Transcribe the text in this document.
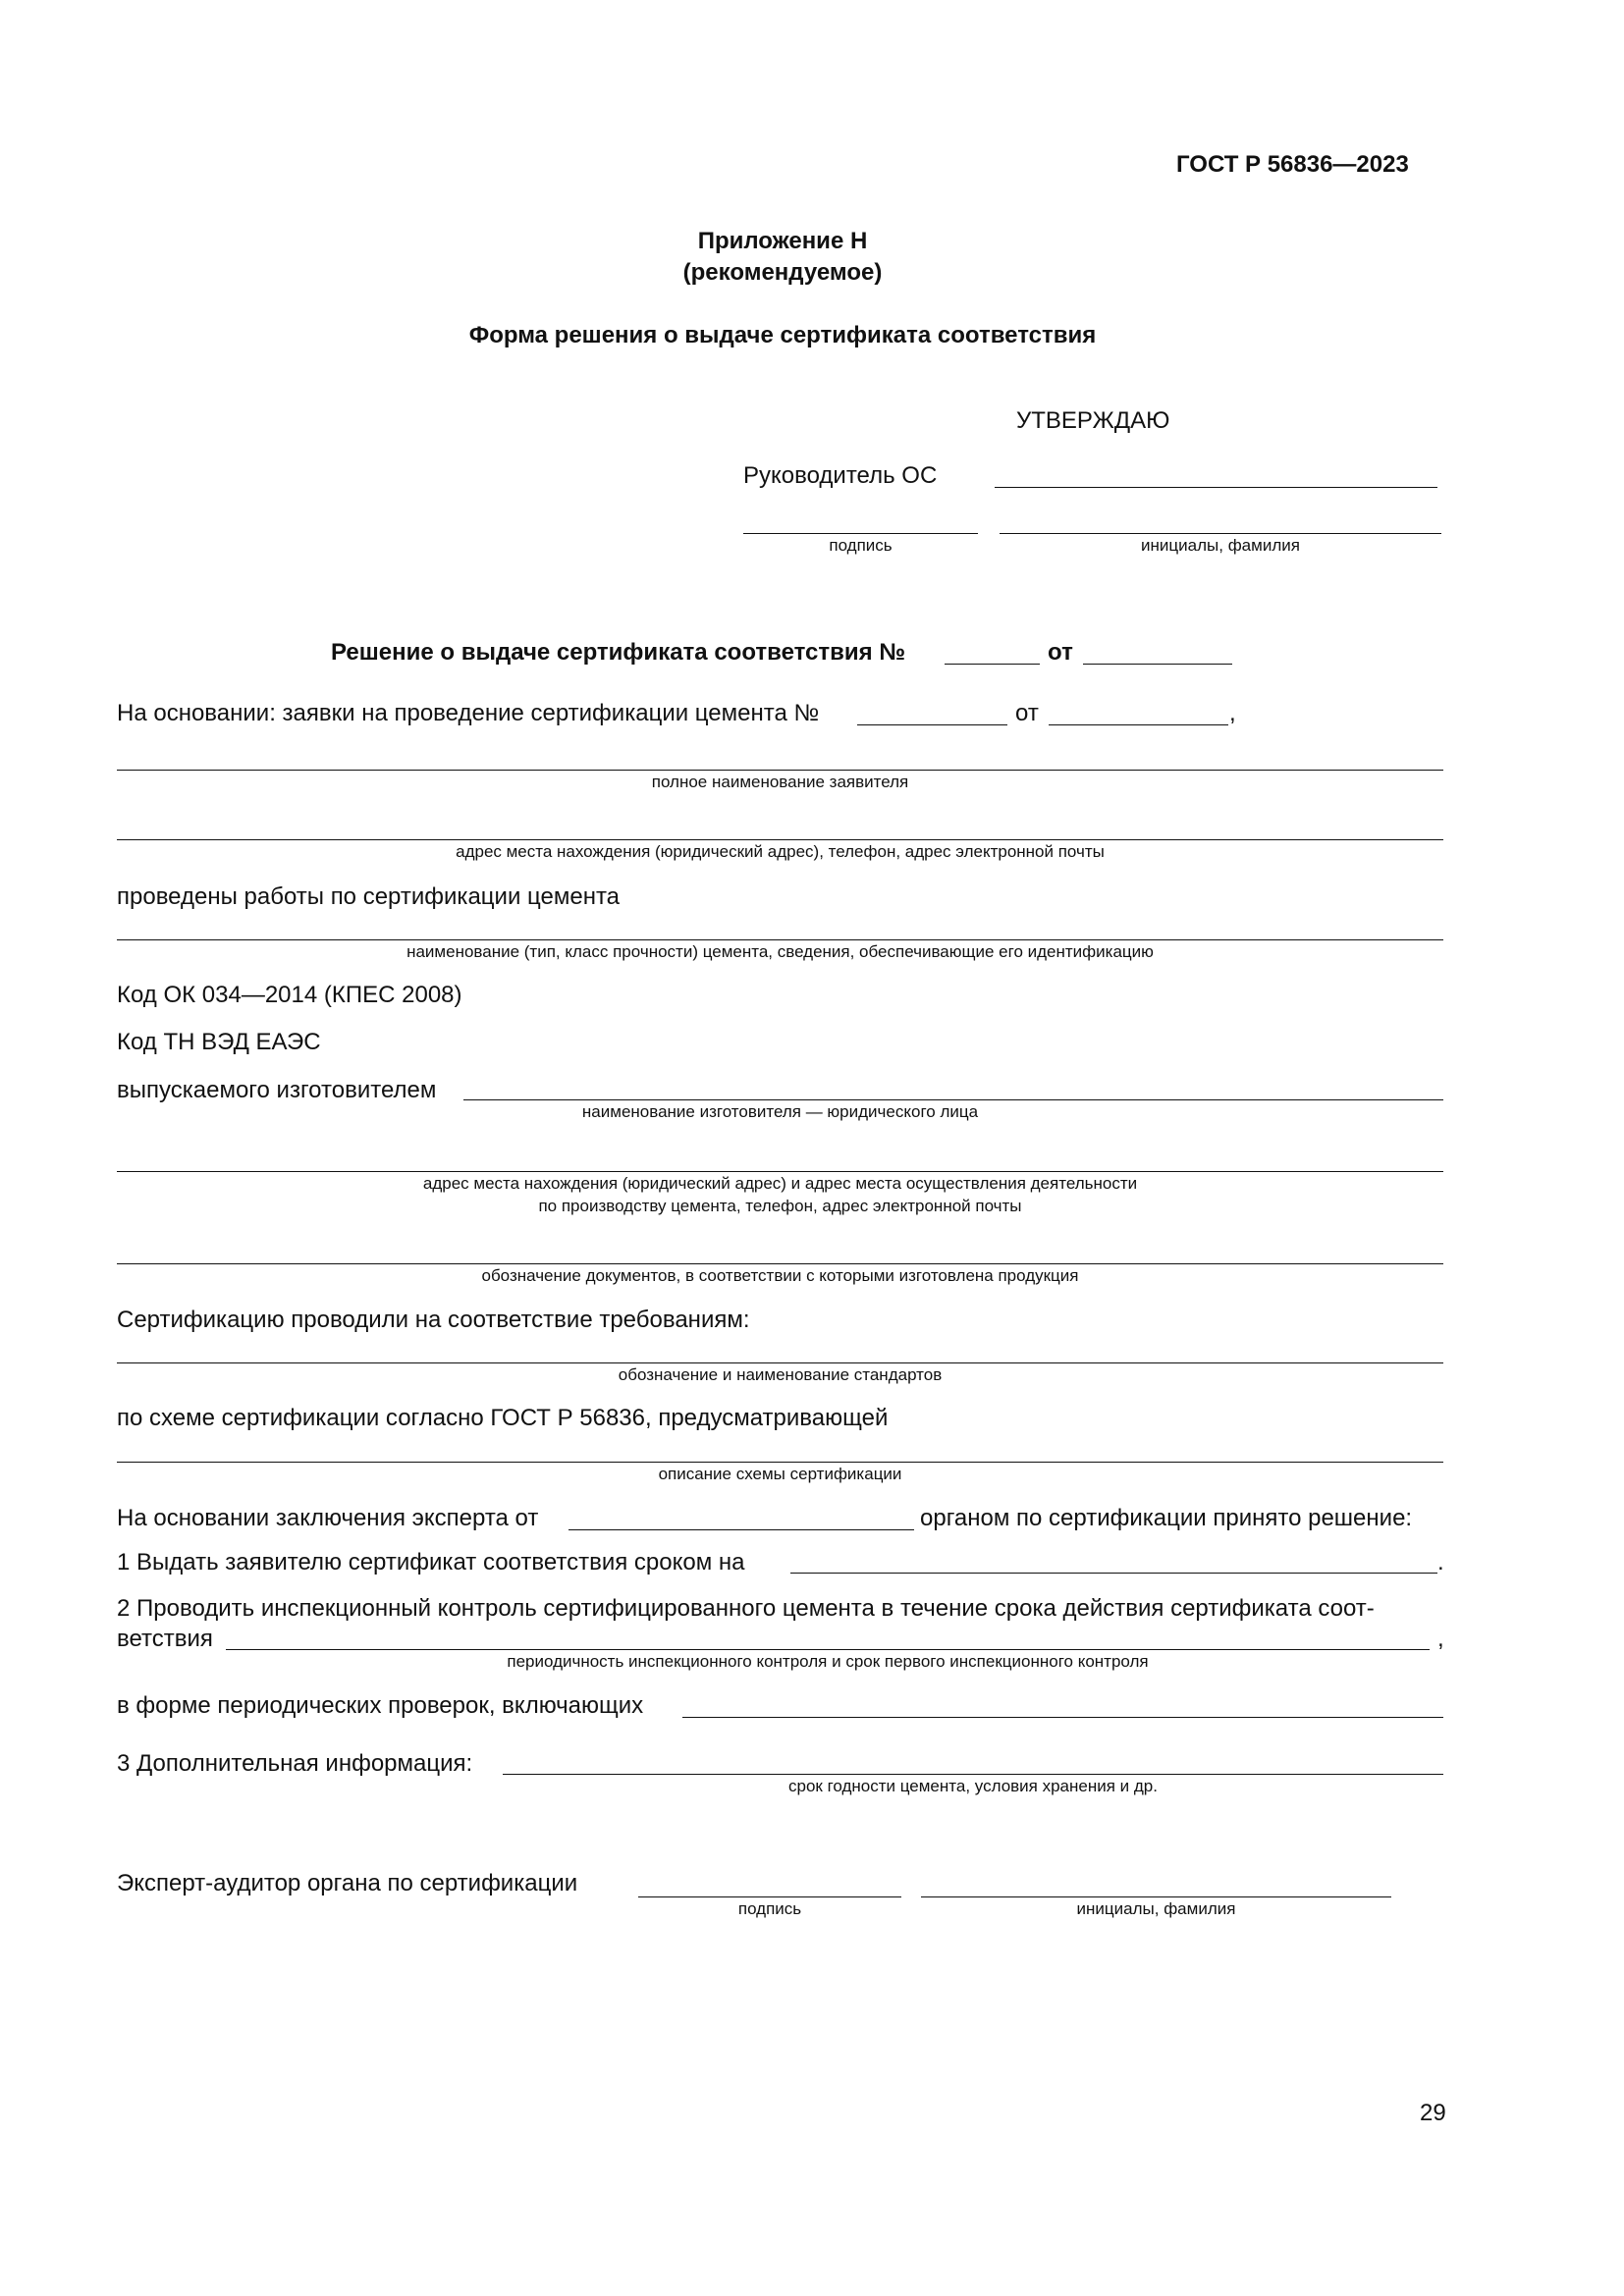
ГОСТ Р 56836—2023
Приложение Н
(рекомендуемое)
Форма решения о выдаче сертификата соответствия
УТВЕРЖДАЮ
Руководитель ОС
подпись	инициалы, фамилия
Решение о выдаче сертификата соответствия №	от
На основании: заявки на проведение сертификации цемента №	от	,
полное наименование заявителя
адрес места нахождения (юридический адрес), телефон, адрес электронной почты
проведены работы по сертификации цемента
наименование (тип, класс прочности) цемента, сведения, обеспечивающие его идентификацию
Код ОК 034—2014 (КПЕС 2008)
Код ТН ВЭД ЕАЭС
выпускаемого изготовителем
наименование изготовителя — юридического лица
адрес места нахождения (юридический адрес) и адрес места осуществления деятельности
по производству цемента, телефон, адрес электронной почты
обозначение документов, в соответствии с которыми изготовлена продукция
Сертификацию проводили на соответствие требованиям:
обозначение и наименование стандартов
по схеме сертификации согласно ГОСТ Р 56836, предусматривающей
описание схемы сертификации
На основании заключения эксперта от	органом по сертификации принято решение:
1 Выдать заявителю сертификат соответствия сроком на	.
2 Проводить инспекционный контроль сертифицированного цемента в течение срока действия сертификата соот-
ветствия	,
периодичность инспекционного контроля и срок первого инспекционного контроля
в форме периодических проверок, включающих
3 Дополнительная информация:
срок годности цемента, условия хранения и др.
Эксперт-аудитор органа по сертификации
подпись	инициалы, фамилия
29
